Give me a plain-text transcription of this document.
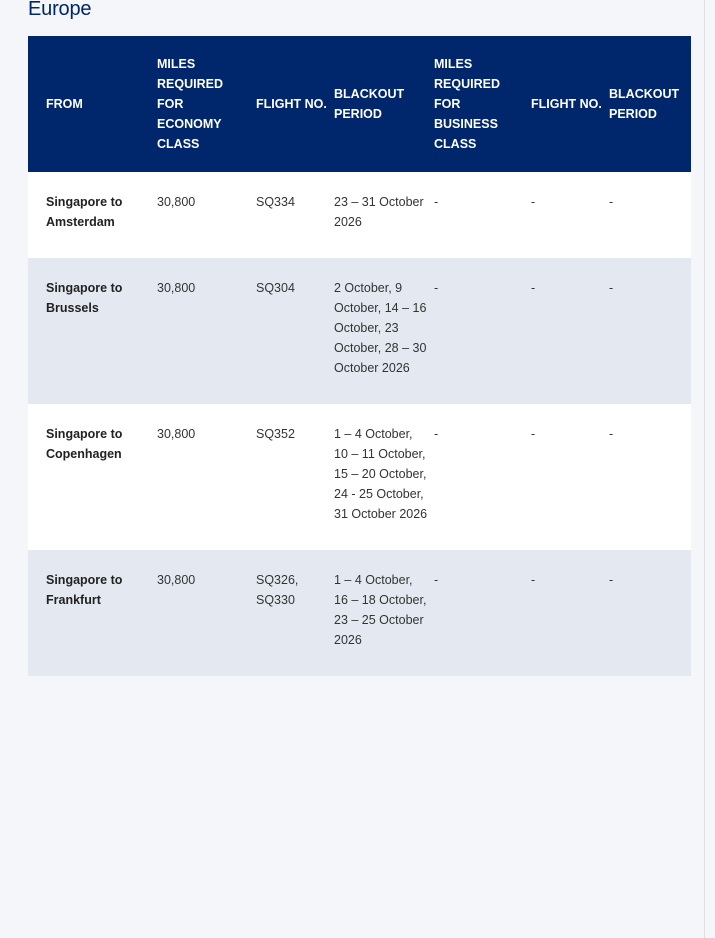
Europe
FROM	MILES REQUIRED FOR ECONOMY CLASS	FLIGHT NO.	BLACKOUT PERIOD	MILES REQUIRED FOR BUSINESS CLASS	FLIGHT NO.	BLACKOUT PERIOD
Singapore to Amsterdam	30,800	SQ334	23 – 31 October 2026	-	-	-
Singapore to Brussels	30,800	SQ304	2 October, 9 October, 14 – 16 October, 23 October, 28 – 30 October 2026	-	-	-
Singapore to Copenhagen	30,800	SQ352	1 – 4 October, 10 – 11 October, 15 – 20 October, 24 - 25 October, 31 October 2026	-	-	-
Singapore to Frankfurt	30,800	SQ326, SQ330	1 – 4 October, 16 – 18 October, 23 – 25 October 2026	-	-	-
